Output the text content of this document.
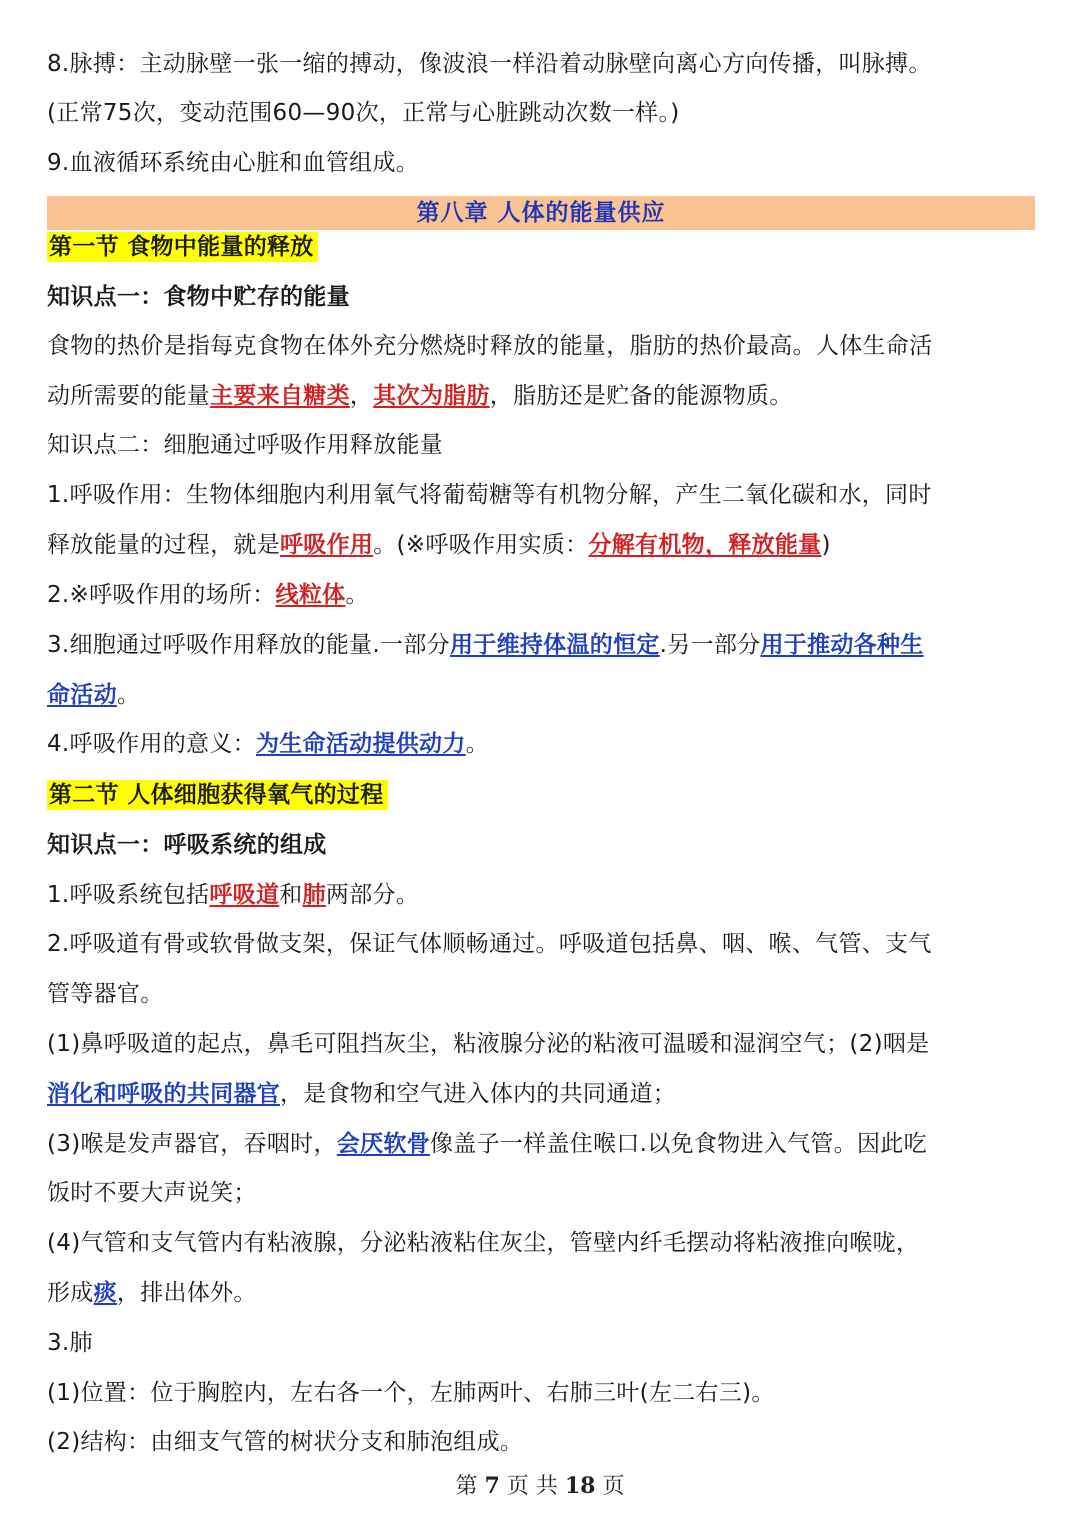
8.脉搏：主动脉壁一张一缩的搏动，像波浪一样沿着动脉壁向离心方向传播，叫脉搏。
(正常75次，变动范围60—90次，正常与心脏跳动次数一样。)
9.血液循环系统由心脏和血管组成。
第八章 人体的能量供应
第一节 食物中能量的释放
知识点一：食物中贮存的能量
食物的热价是指每克食物在体外充分燃烧时释放的能量，脂肪的热价最高。人体生命活
动所需要的能量主要来自糖类，其次为脂肪，脂肪还是贮备的能源物质。
知识点二：细胞通过呼吸作用释放能量
1.呼吸作用：生物体细胞内利用氧气将葡萄糖等有机物分解，产生二氧化碳和水，同时
释放能量的过程，就是呼吸作用。(※呼吸作用实质：分解有机物，释放能量)
2.※呼吸作用的场所：线粒体。
3.细胞通过呼吸作用释放的能量.一部分用于维持体温的恒定.另一部分用于推动各种生
命活动。
4.呼吸作用的意义：为生命活动提供动力。
第二节 人体细胞获得氧气的过程
知识点一：呼吸系统的组成
1.呼吸系统包括呼吸道和肺两部分。
2.呼吸道有骨或软骨做支架，保证气体顺畅通过。呼吸道包括鼻、咽、喉、气管、支气
管等器官。
(1)鼻呼吸道的起点，鼻毛可阻挡灰尘，粘液腺分泌的粘液可温暖和湿润空气；(2)咽是
消化和呼吸的共同器官，是食物和空气进入体内的共同通道；
(3)喉是发声器官，吞咽时，会厌软骨像盖子一样盖住喉口.以免食物进入气管。因此吃
饭时不要大声说笑；
(4)气管和支气管内有粘液腺，分泌粘液粘住灰尘，管壁内纤毛摆动将粘液推向喉咙，
形成痰，排出体外。
3.肺
(1)位置：位于胸腔内，左右各一个，左肺两叶、右肺三叶(左二右三)。
(2)结构：由细支气管的树状分支和肺泡组成。
第 7 页 共 18 页
